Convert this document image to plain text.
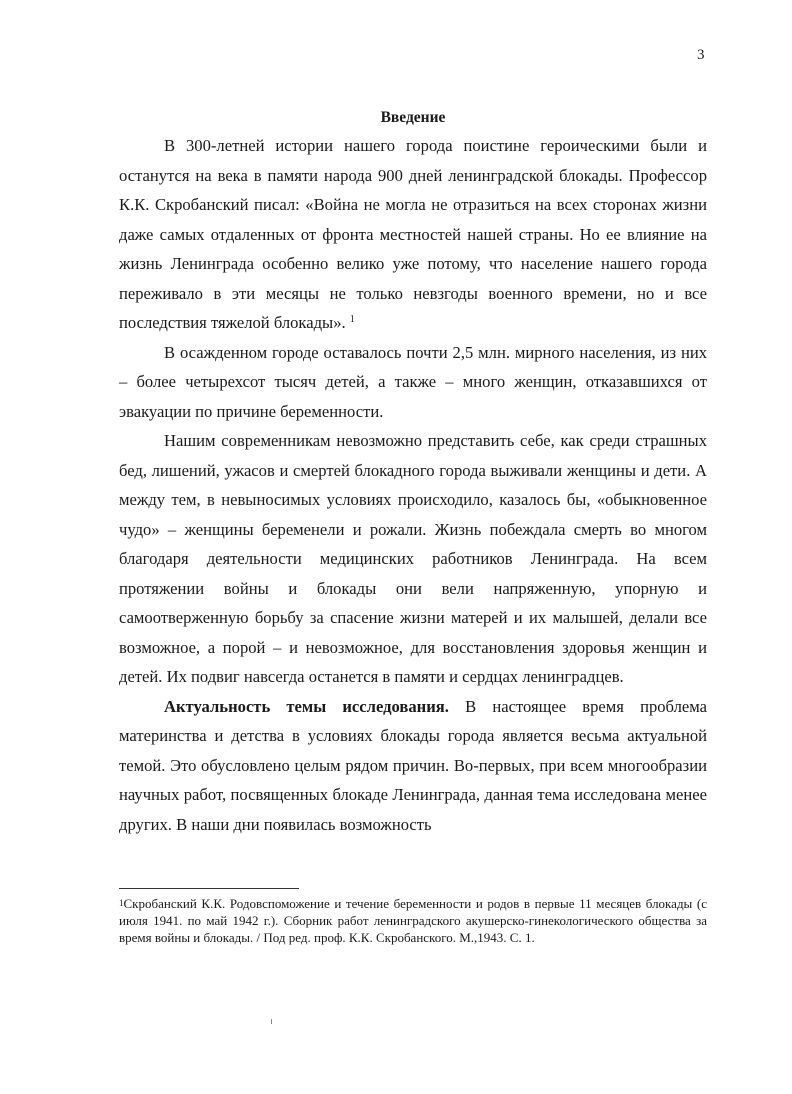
3
Введение

В 300-летней истории нашего города поистине героическими были и останутся на века в памяти народа 900 дней ленинградской блокады. Профессор К.К. Скробанский писал: «Война не могла не отразиться на всех сторонах жизни даже самых отдаленных от фронта местностей нашей страны. Но ее влияние на жизнь Ленинграда особенно велико уже потому, что население нашего города переживало в эти месяцы не только невзгоды военного времени, но и все последствия тяжелой блокады». $^1$

В осажденном городе оставалось почти 2,5 млн. мирного населения, из них – более четырехсот тысяч детей, а также – много женщин, отказавшихся от эвакуации по причине беременности.

Нашим современникам невозможно представить себе, как среди страшных бед, лишений, ужасов и смертей блокадного города выживали женщины и дети. А между тем, в невыносимых условиях происходило, казалось бы, «обыкновенное чудо» – женщины беременели и рожали. Жизнь побеждала смерть во многом благодаря деятельности медицинских работников Ленинграда. На всем протяжении войны и блокады они вели напряженную, упорную и самоотверженную борьбу за спасение жизни матерей и их малышей, делали все возможное, а порой – и невозможное, для восстановления здоровья женщин и детей. Их подвиг навсегда останется в памяти и сердцах ленинградцев.

Актуальность темы исследования. В настоящее время проблема материнства и детства в условиях блокады города является весьма актуальной темой. Это обусловлено целым рядом причин. Во-первых, при всем многообразии научных работ, посвященных блокаде Ленинграда, данная тема исследована менее других. В наши дни появилась возможность

$^1$Скробанский К.К. Родовспоможение и течение беременности и родов в первые 11 месяцев блокады (с июля 1941. по май 1942 г.). Сборник работ ленинградского акушерско-гинекологического общества за время войны и блокады. / Под ред. проф. К.К. Скробанского. М.,1943. С. 1.
